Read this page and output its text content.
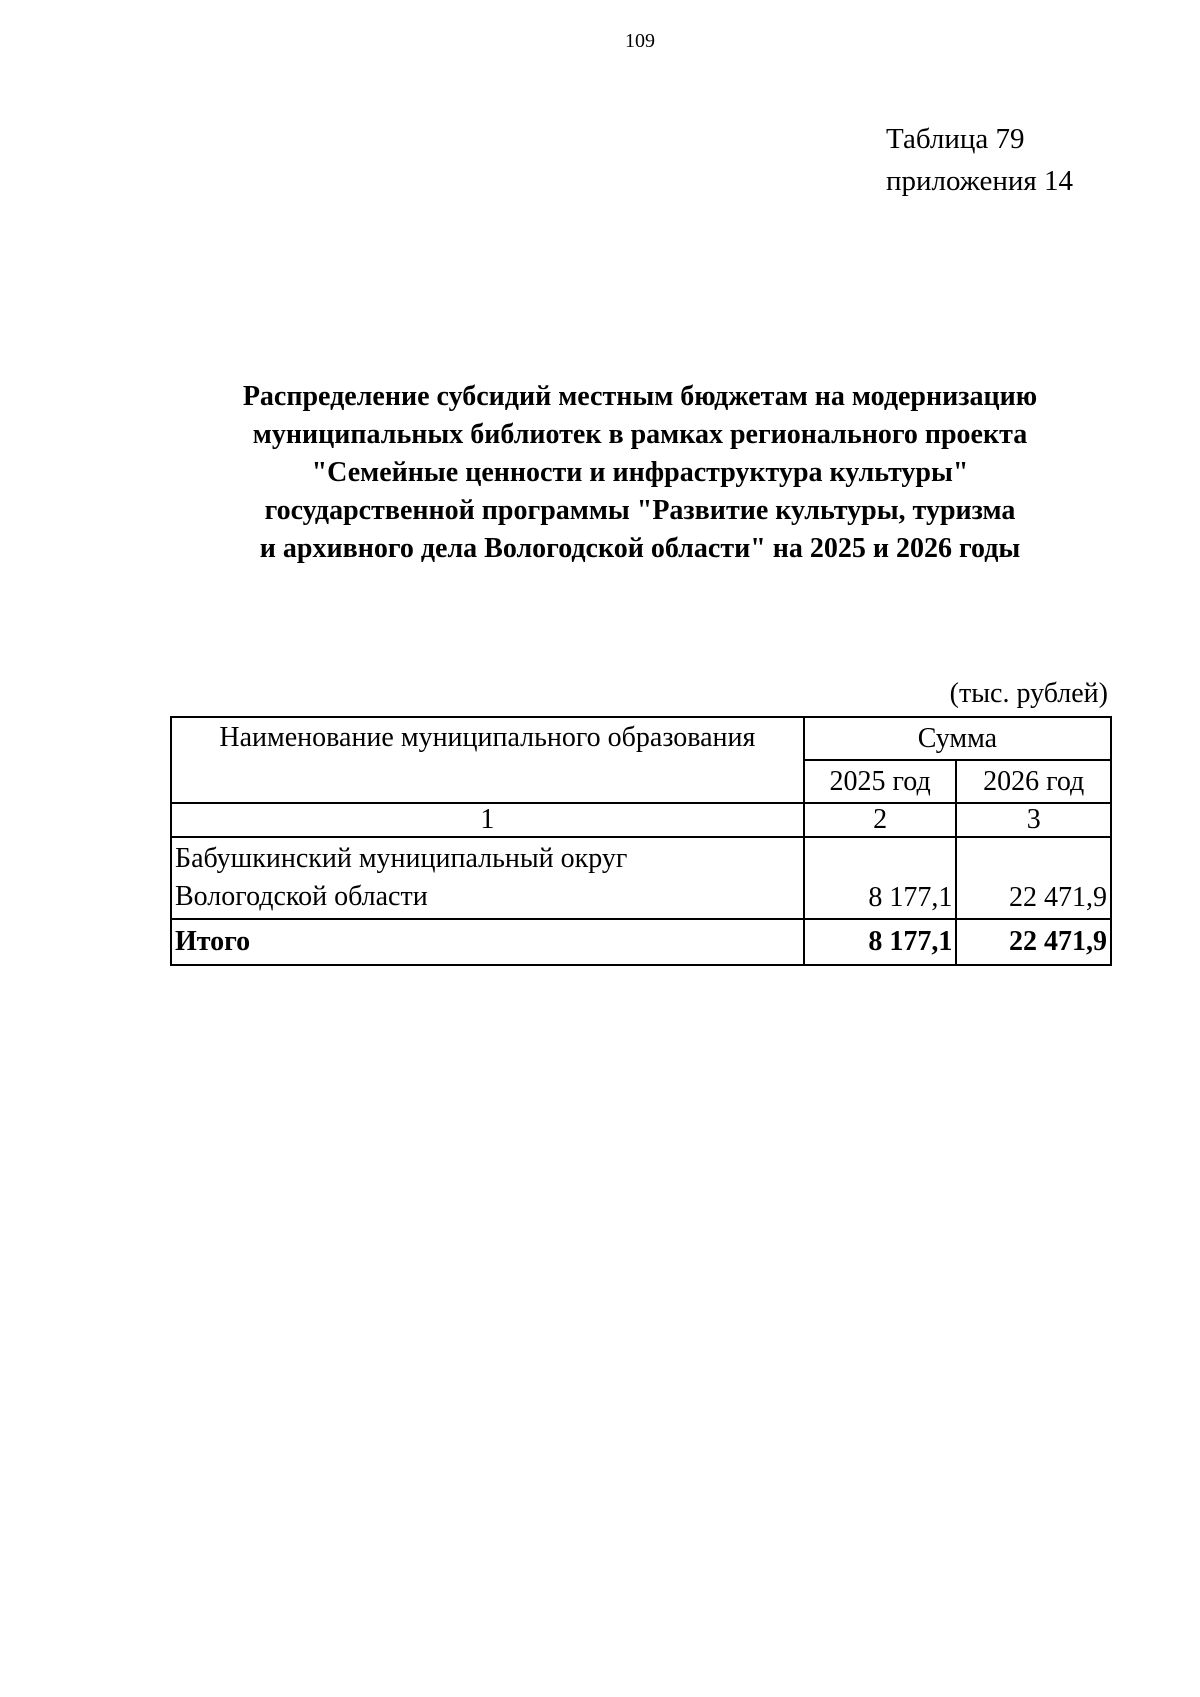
109
Таблица 79
приложения 14
Распределение субсидий местным бюджетам на модернизацию
муниципальных библиотек в рамках регионального проекта
"Семейные ценности и инфраструктура культуры"
государственной программы "Развитие культуры, туризма
и архивного дела Вологодской области" на 2025 и 2026 годы
(тыс. рублей)
Наименование муниципального образования	Сумма	
	2025 год	2026 год
1	2	3

Бабушкинский муниципальный округ
Вологодской области	8 177,1	22 471,9
Итого	8 177,1	22 471,9
